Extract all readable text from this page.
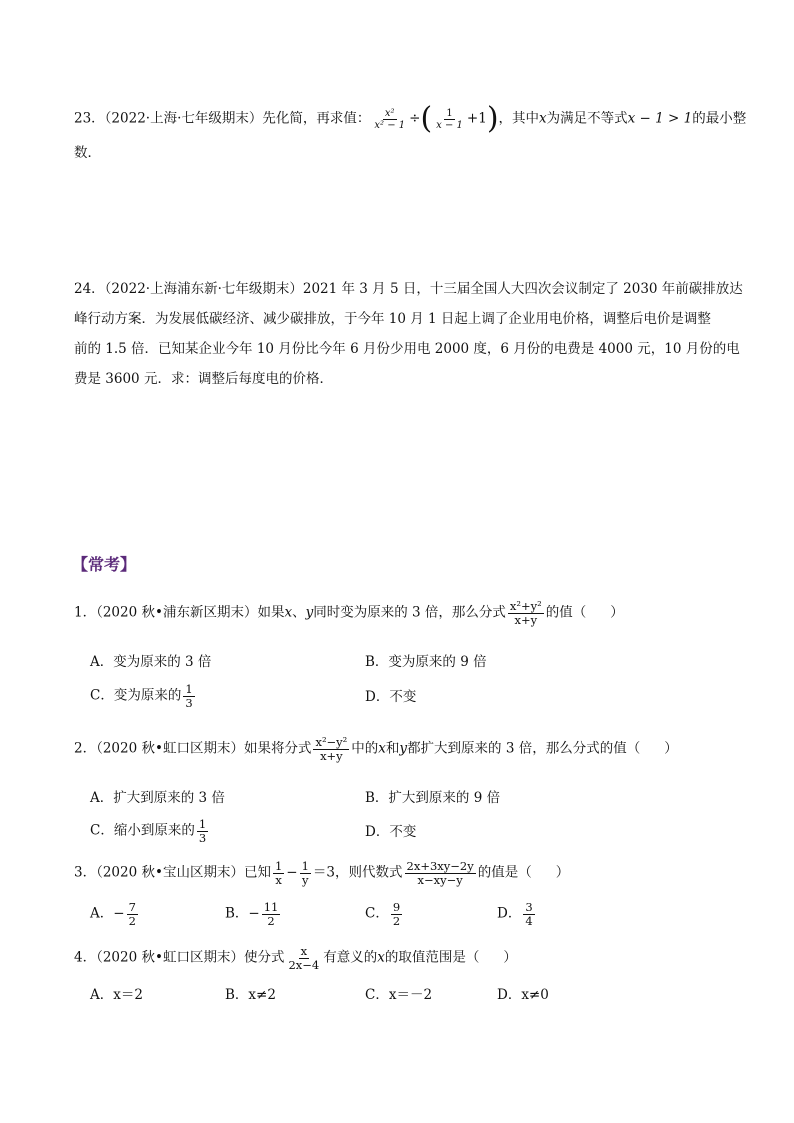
23．（2022·上海·七年级期末）先化简，再求值： $\frac{\text{x²}}{\text{x² − 1}}$ ÷( $\frac{1}{x - 1} +1$)，其中x为满足不等式x − 1 > 1的最小整
数．
24．（2022·上海浦东新·七年级期末）2021 年 3 月 5 日，十三届全国人大四次会议制定了 2030 年前碳排放达
峰行动方案．为发展低碳经济、减少碳排放，于今年 10 月 1 日起上调了企业用电价格，调整后电价是调整
前的 1.5 倍．已知某企业今年 10 月份比今年 6 月份少用电 2000 度，6 月份的电费是 4000 元，10 月份的电
费是 3600 元．求：调整后每度电的价格．
【常考】
1．（2020 秋•浦东新区期末）如果x、y同时变为原来的 3 倍，那么分式 $\frac{\text{x²+y²}}{x+y}$ 的值（ ）
A．变为原来的 3 倍	B．变为原来的 9 倍
C．变为原来的 $\frac{1}{3}$	D．不变
2．（2020 秋•虹口区期末）如果将分式 $\frac{\text{x²−y²}}{x+y}$ 中的x和y都扩大到原来的 3 倍，那么分式的值（ ）
A．扩大到原来的 3 倍	B．扩大到原来的 9 倍
C．缩小到原来的 $\frac{1}{3}$	D．不变
3．（2020 秋•宝山区期末）已知 $\frac{1}{x} - \frac{1}{y} =3$，则代数式 $\frac{2x+3xy-2y}{x-xy-y}$ 的值是（ ）
A．− $\frac{7}{2}$	B．− $\frac{11}{2}$	C． $\frac{9}{2}$	D． $\frac{3}{4}$
4．（2020 秋•虹口区期末）使分式 $\frac{x}{2x-4}$ 有意义的x的取值范围是（ ）
A．x＝2	B．x≠2	C．x＝－2	D．x≠0
